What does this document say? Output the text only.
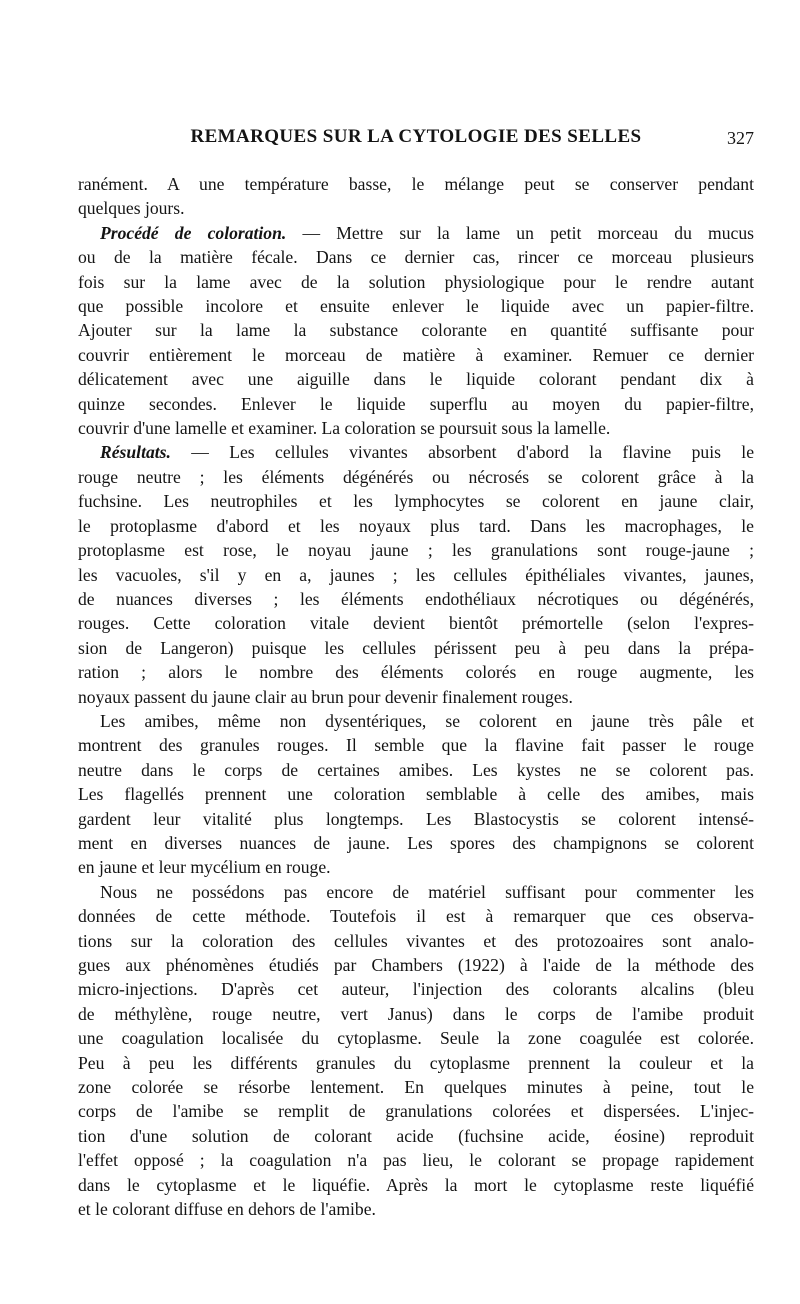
REMARQUES SUR LA CYTOLOGIE DES SELLES	327
ranément. A une température basse, le mélange peut se conserver pendant
quelques jours.
Procédé de coloration. — Mettre sur la lame un petit morceau du mucus
ou de la matière fécale. Dans ce dernier cas, rincer ce morceau plusieurs
fois sur la lame avec de la solution physiologique pour le rendre autant
que possible incolore et ensuite enlever le liquide avec un papier-filtre.
Ajouter sur la lame la substance colorante en quantité suffisante pour
couvrir entièrement le morceau de matière à examiner. Remuer ce dernier
délicatement avec une aiguille dans le liquide colorant pendant dix à
quinze secondes. Enlever le liquide superflu au moyen du papier-filtre,
couvrir d'une lamelle et examiner. La coloration se poursuit sous la lamelle.
Résultats. — Les cellules vivantes absorbent d'abord la flavine puis le
rouge neutre ; les éléments dégénérés ou nécrosés se colorent grâce à la
fuchsine. Les neutrophiles et les lymphocytes se colorent en jaune clair,
le protoplasme d'abord et les noyaux plus tard. Dans les macrophages, le
protoplasme est rose, le noyau jaune ; les granulations sont rouge-jaune ;
les vacuoles, s'il y en a, jaunes ; les cellules épithéliales vivantes, jaunes,
de nuances diverses ; les éléments endothéliaux nécrotiques ou dégénérés,
rouges. Cette coloration vitale devient bientôt prémortelle (selon l'expres-
sion de Langeron) puisque les cellules périssent peu à peu dans la prépa-
ration ; alors le nombre des éléments colorés en rouge augmente, les
noyaux passent du jaune clair au brun pour devenir finalement rouges.
Les amibes, même non dysentériques, se colorent en jaune très pâle et
montrent des granules rouges. Il semble que la flavine fait passer le rouge
neutre dans le corps de certaines amibes. Les kystes ne se colorent pas.
Les flagellés prennent une coloration semblable à celle des amibes, mais
gardent leur vitalité plus longtemps. Les Blastocystis se colorent intensé-
ment en diverses nuances de jaune. Les spores des champignons se colorent
en jaune et leur mycélium en rouge.
Nous ne possédons pas encore de matériel suffisant pour commenter les
données de cette méthode. Toutefois il est à remarquer que ces observa-
tions sur la coloration des cellules vivantes et des protozoaires sont analo-
gues aux phénomènes étudiés par Chambers (1922) à l'aide de la méthode des
micro-injections. D'après cet auteur, l'injection des colorants alcalins (bleu
de méthylène, rouge neutre, vert Janus) dans le corps de l'amibe produit
une coagulation localisée du cytoplasme. Seule la zone coagulée est colorée.
Peu à peu les différents granules du cytoplasme prennent la couleur et la
zone colorée se résorbe lentement. En quelques minutes à peine, tout le
corps de l'amibe se remplit de granulations colorées et dispersées. L'injec-
tion d'une solution de colorant acide (fuchsine acide, éosine) reproduit
l'effet opposé ; la coagulation n'a pas lieu, le colorant se propage rapidement
dans le cytoplasme et le liquéfie. Après la mort le cytoplasme reste liquéfié
et le colorant diffuse en dehors de l'amibe.
